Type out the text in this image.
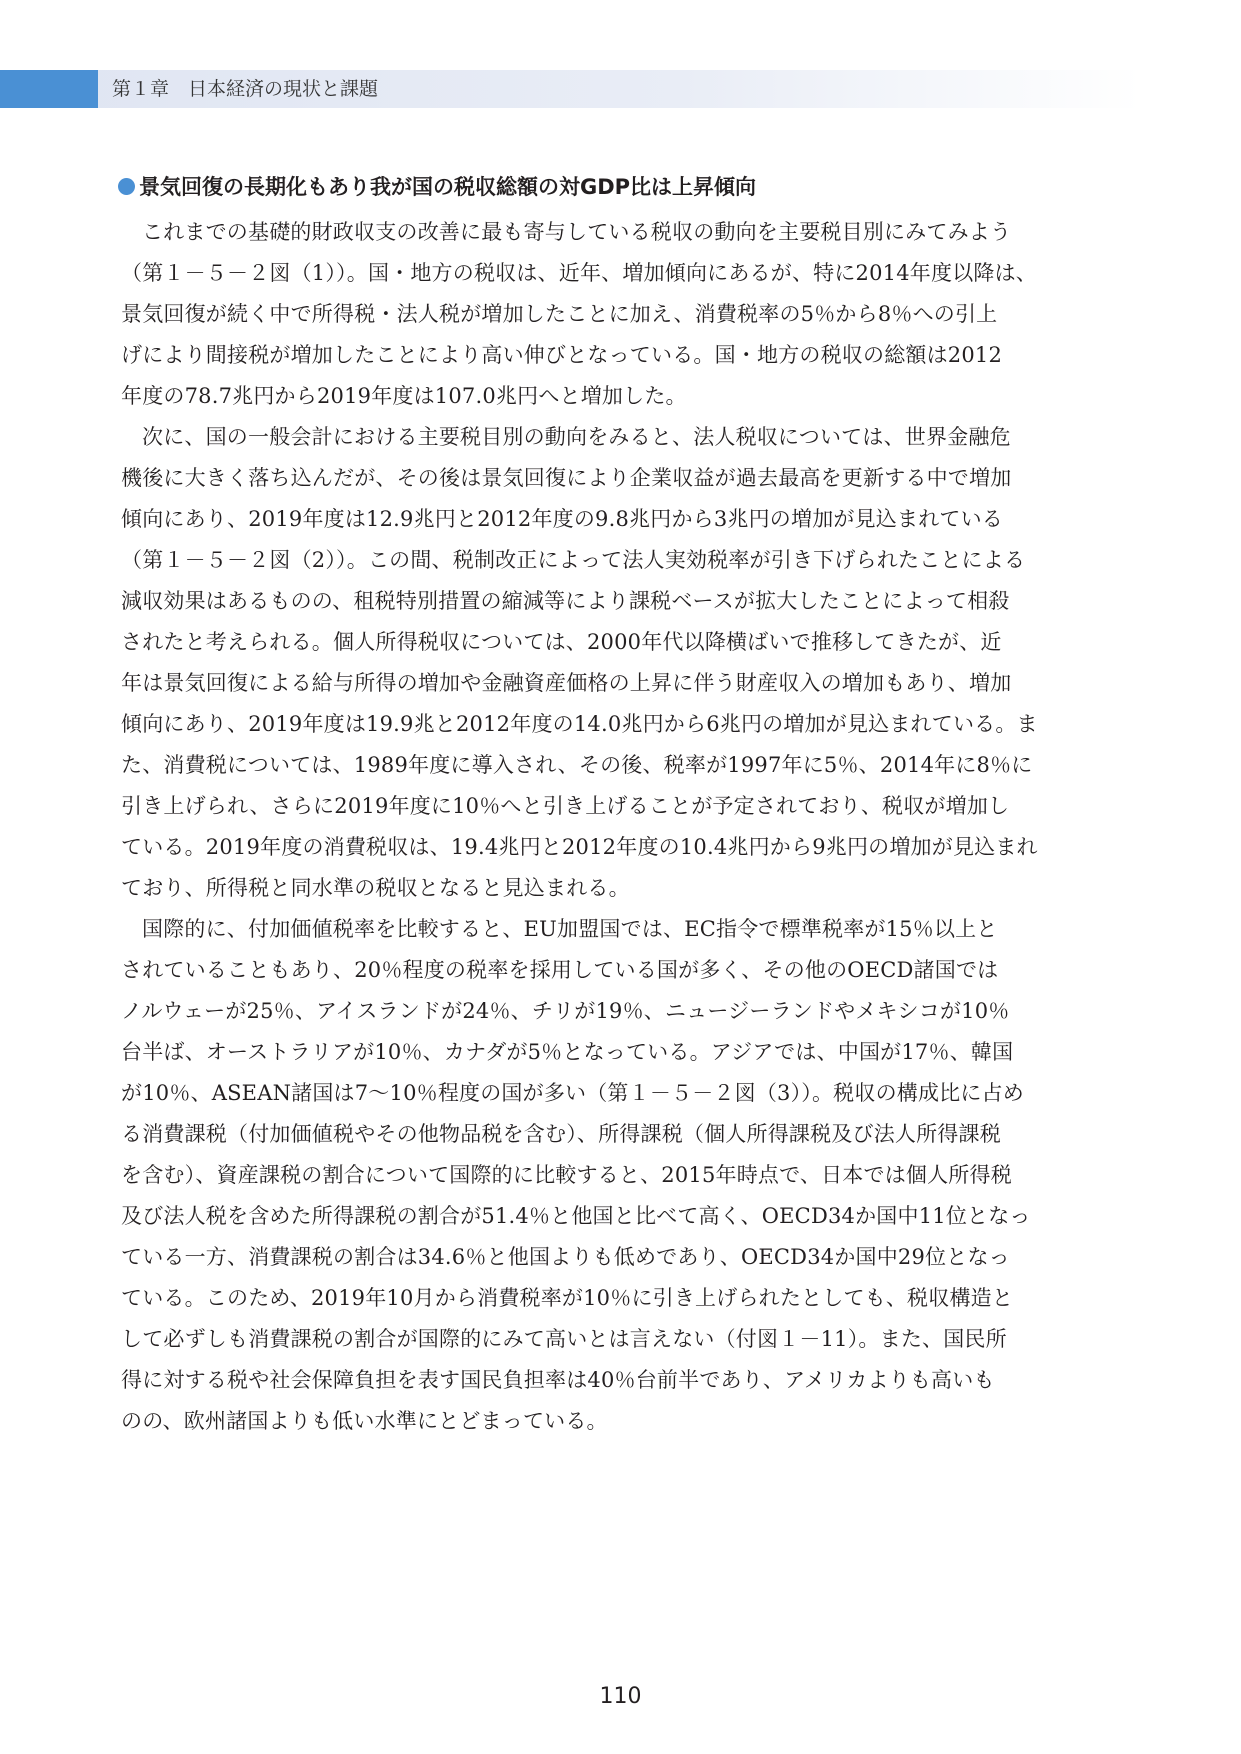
第１章　日本経済の現状と課題
景気回復の長期化もあり我が国の税収総額の対GDP比は上昇傾向
これまでの基礎的財政収支の改善に最も寄与している税収の動向を主要税目別にみてみよう
（第１－５－２図（1））。国・地方の税収は、近年、増加傾向にあるが、特に2014年度以降は、
景気回復が続く中で所得税・法人税が増加したことに加え、消費税率の5％から8％への引上
げにより間接税が増加したことにより高い伸びとなっている。国・地方の税収の総額は2012
年度の78.7兆円から2019年度は107.0兆円へと増加した。
次に、国の一般会計における主要税目別の動向をみると、法人税収については、世界金融危
機後に大きく落ち込んだが、その後は景気回復により企業収益が過去最高を更新する中で増加
傾向にあり、2019年度は12.9兆円と2012年度の9.8兆円から3兆円の増加が見込まれている
（第１－５－２図（2））。この間、税制改正によって法人実効税率が引き下げられたことによる
減収効果はあるものの、租税特別措置の縮減等により課税ベースが拡大したことによって相殺
されたと考えられる。個人所得税収については、2000年代以降横ばいで推移してきたが、近
年は景気回復による給与所得の増加や金融資産価格の上昇に伴う財産収入の増加もあり、増加
傾向にあり、2019年度は19.9兆と2012年度の14.0兆円から6兆円の増加が見込まれている。ま
た、消費税については、1989年度に導入され、その後、税率が1997年に5％、2014年に8％に
引き上げられ、さらに2019年度に10％へと引き上げることが予定されており、税収が増加し
ている。2019年度の消費税収は、19.4兆円と2012年度の10.4兆円から9兆円の増加が見込まれ
ており、所得税と同水準の税収となると見込まれる。
国際的に、付加価値税率を比較すると、EU加盟国では、EC指令で標準税率が15％以上と
されていることもあり、20％程度の税率を採用している国が多く、その他のOECD諸国では
ノルウェーが25％、アイスランドが24％、チリが19％、ニュージーランドやメキシコが10％
台半ば、オーストラリアが10％、カナダが5％となっている。アジアでは、中国が17％、韓国
が10％、ASEAN諸国は7～10％程度の国が多い（第１－５－２図（3））。税収の構成比に占め
る消費課税（付加価値税やその他物品税を含む）、所得課税（個人所得課税及び法人所得課税
を含む）、資産課税の割合について国際的に比較すると、2015年時点で、日本では個人所得税
及び法人税を含めた所得課税の割合が51.4％と他国と比べて高く、OECD34か国中11位となっ
ている一方、消費課税の割合は34.6％と他国よりも低めであり、OECD34か国中29位となっ
ている。このため、2019年10月から消費税率が10％に引き上げられたとしても、税収構造と
して必ずしも消費課税の割合が国際的にみて高いとは言えない（付図１－11）。また、国民所
得に対する税や社会保障負担を表す国民負担率は40％台前半であり、アメリカよりも高いも
のの、欧州諸国よりも低い水準にとどまっている。
110
